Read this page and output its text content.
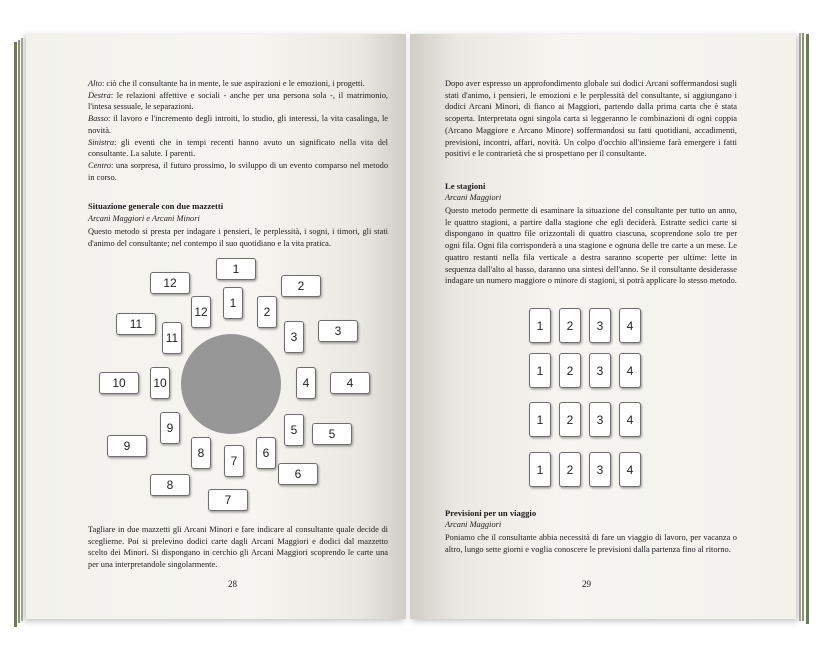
Alto: ciò che il consultante ha in mente, le sue aspirazioni e le emozioni, i progetti.

Destra: le relazioni affettive e sociali - anche per una persona sola -, il matrimonio, l'intesa sessuale, le separazioni.

Basso: il lavoro e l'incremento degli introiti, lo studio, gli interessi, la vita casalinga, le novità.

Sinistra: gli eventi che in tempi recenti hanno avuto un significato nella vita del consultante. La salute. I parenti.

Centro: una sorpresa, il futuro prossimo, lo sviluppo di un evento comparso nel metodo in corso.

Situazione generale con due mazzetti
Arcani Maggiori e Arcani Minori
Questo metodo si presta per indagare i pensieri, le perplessità, i sogni, i timori, gli stati d'animo del consultante; nel contempo il suo quotidiano e la vita pratica.
1
2
3
4
5
6
7
8
9
10
11
12
1
2
3
4
5
6
7
8
9
10
11
12
Tagliare in due mazzetti gli Arcani Minori e fare indicare al consultante quale decide di sceglierne. Poi si prelevino dodici carte dagli Arcani Maggiori e dodici dal mazzetto scelto dei Minori. Si dispongano in cerchio gli Arcani Maggiori scoprendo le carte una per una interpretandole singolarmente.
28
Dopo aver espresso un approfondimento globale sui dodici Arcani soffermandosi sugli stati d'animo, i pensieri, le emozioni e le perplessità del consultante, si aggiungano i dodici Arcani Minori, di fianco ai Maggiori, partendo dalla prima carta che è stata scoperta. Interpretata ogni singola carta si leggeranno le combinazioni di ogni coppia (Arcano Maggiore e Arcano Minore) soffermandosi su fatti quotidiani, accadimenti, previsioni, incontri, affari, novità. Un colpo d'occhio all'insieme farà emergere i fatti positivi e le contrarietà che si prospettano per il consultante.
Le stagioni
Arcani Maggiori
Questo metodo permette di esaminare la situazione del consultante per tutto un anno, le quattro stagioni, a partire dalla stagione che egli deciderà. Estratte sedici carte si dispongano in quattro file orizzontali di quattro ciascuna, scoprendone solo tre per ogni fila. Ogni fila corrisponderà a una stagione e ognuna delle tre carte a un mese. Le quattro restanti nella fila verticale a destra saranno scoperte per ultime: lette in sequenza dall'alto al basso, daranno una sintesi dell'anno. Se il consultante desiderasse indagare un numero maggiore o minore di stagioni, si potrà applicare lo stesso metodo.
1	2	3	4
1	2	3	4
1	2	3	4
1	2	3	4
Previsioni per un viaggio
Arcani Maggiori
Poniamo che il consultante abbia necessità di fare un viaggio di lavoro, per vacanza o altro, lungo sette giorni e voglia conoscere le previsioni dalla partenza fino al ritorno.
29
